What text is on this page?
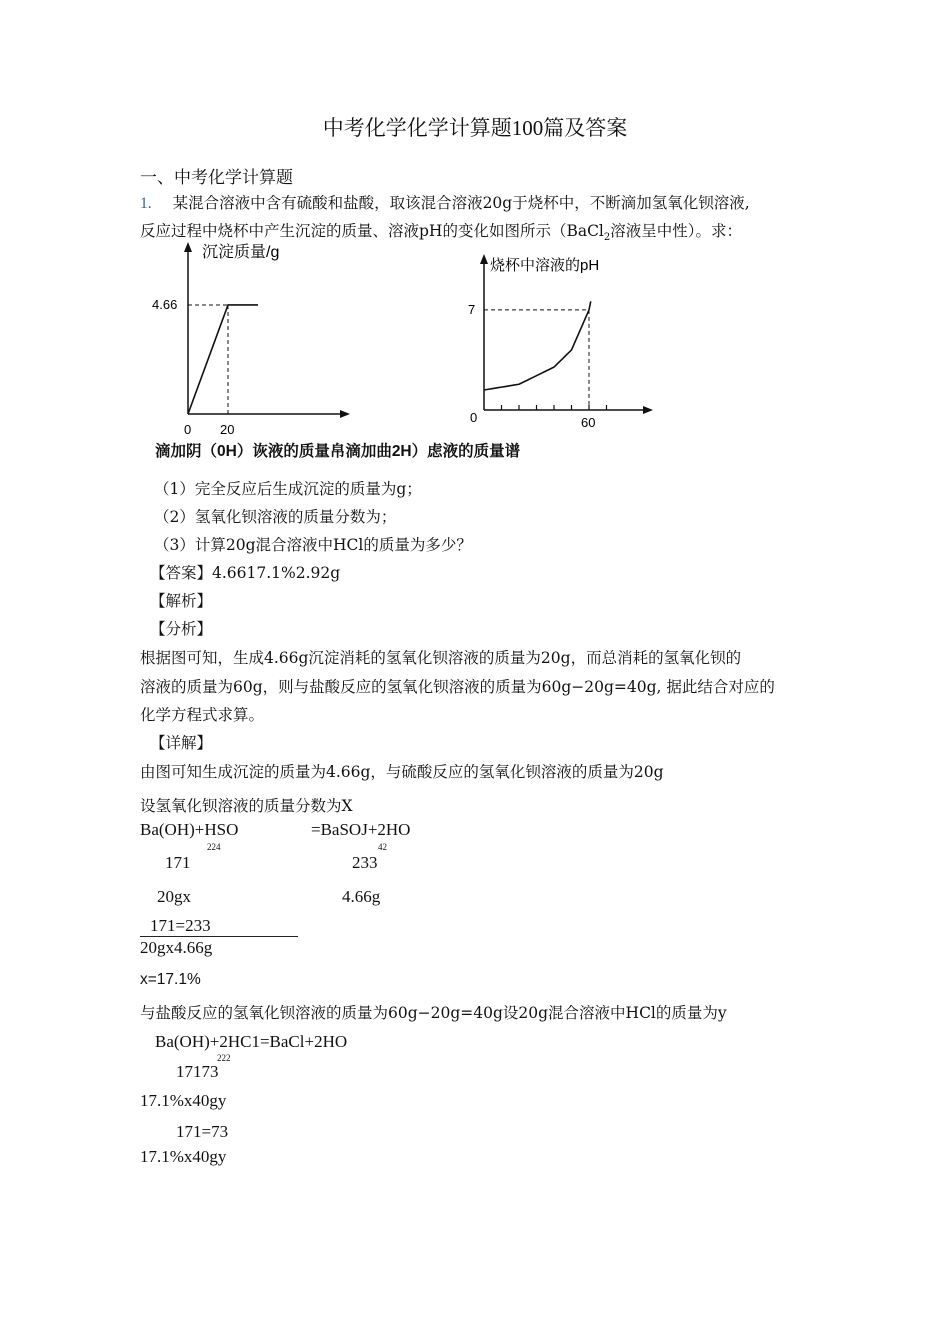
中考化学化学计算题100篇及答案
一、中考化学计算题
1. 某混合溶液中含有硫酸和盐酸，取该混合溶液20g于烧杯中，不断滴加氢氧化钡溶液,
反应过程中烧杯中产生沉淀的质量、溶液pH的变化如图所示（BaCl$_2$溶液呈中性）。求：
沉淀质量/g
4.66
0 20
烧杯中溶液的pH
7
0	60
滴加阴（0H）诙液的质量帛滴加曲2H）虑液的质量谱
（1）完全反应后生成沉淀的质量为g；
（2）氢氧化钡溶液的质量分数为；
（3）计算20g混合溶液中HCl的质量为多少？
【答案】4.6617.1%2.92g
【解析】
【分析】
根据图可知，生成4.66g沉淀消耗的氢氧化钡溶液的质量为20g，而总消耗的氢氧化钡的
溶液的质量为60g，则与盐酸反应的氢氧化钡溶液的质量为60g−20g=40g, 据此结合对应的
化学方程式求算。
【详解】
由图可知生成沉淀的质量为4.66g，与硫酸反应的氢氧化钡溶液的质量为20g
设氢氧化钡溶液的质量分数为X
Ba(OH)+HSO	=BaSOJ+2HO
224	42
171	233
20gx	4.66g
171=233
20gx4.66g
x=17.1%
与盐酸反应的氢氧化钡溶液的质量为60g−20g=40g设20g混合溶液中HCl的质量为y
Ba(OH)+2HC1=BaCl+2HO
222
17173
17.1%x40gy
171=73
17.1%x40gy
